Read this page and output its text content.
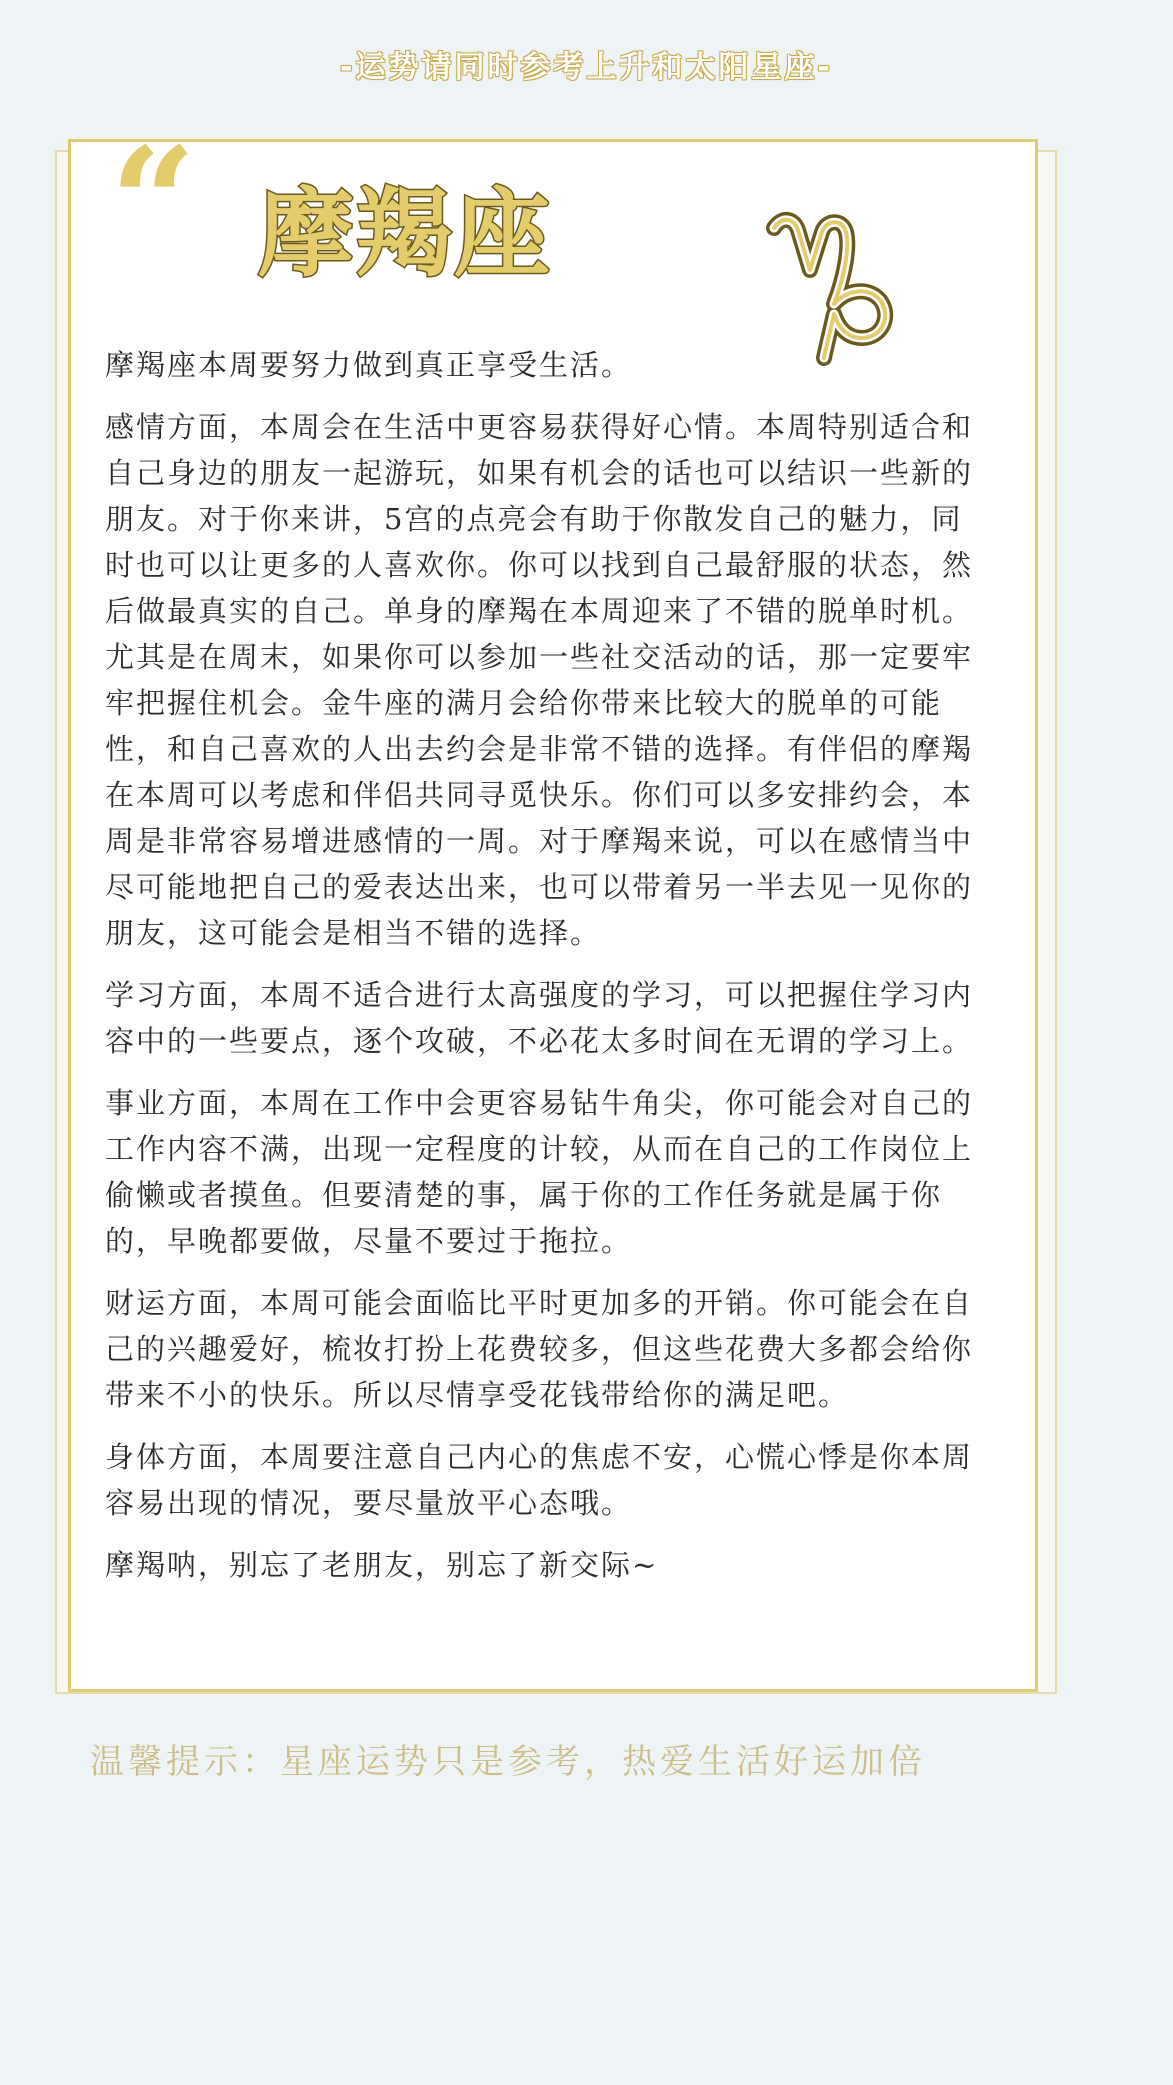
-运势请同时参考上升和太阳星座-
“ 摩羯座

摩羯座本周要努力做到真正享受生活。

感情方面，本周会在生活中更容易获得好心情。本周特别适合和自己身边的朋友一起游玩，如果有机会的话也可以结识一些新的朋友。对于你来讲，5宫的点亮会有助于你散发自己的魅力，同时也可以让更多的人喜欢你。你可以找到自己最舒服的状态，然后做最真实的自己。单身的摩羯在本周迎来了不错的脱单时机。尤其是在周末，如果你可以参加一些社交活动的话，那一定要牢牢把握住机会。金牛座的满月会给你带来比较大的脱单的可能性，和自己喜欢的人出去约会是非常不错的选择。有伴侣的摩羯在本周可以考虑和伴侣共同寻觅快乐。你们可以多安排约会，本周是非常容易增进感情的一周。对于摩羯来说，可以在感情当中尽可能地把自己的爱表达出来，也可以带着另一半去见一见你的朋友，这可能会是相当不错的选择。

学习方面，本周不适合进行太高强度的学习，可以把握住学习内容中的一些要点，逐个攻破，不必花太多时间在无谓的学习上。

事业方面，本周在工作中会更容易钻牛角尖，你可能会对自己的工作内容不满，出现一定程度的计较，从而在自己的工作岗位上偷懒或者摸鱼。但要清楚的事，属于你的工作任务就是属于你的，早晚都要做，尽量不要过于拖拉。

财运方面，本周可能会面临比平时更加多的开销。你可能会在自己的兴趣爱好，梳妆打扮上花费较多，但这些花费大多都会给你带来不小的快乐。所以尽情享受花钱带给你的满足吧。

身体方面，本周要注意自己内心的焦虑不安，心慌心悸是你本周容易出现的情况，要尽量放平心态哦。

摩羯呐，别忘了老朋友，别忘了新交际~

温馨提示：星座运势只是参考，热爱生活好运加倍
